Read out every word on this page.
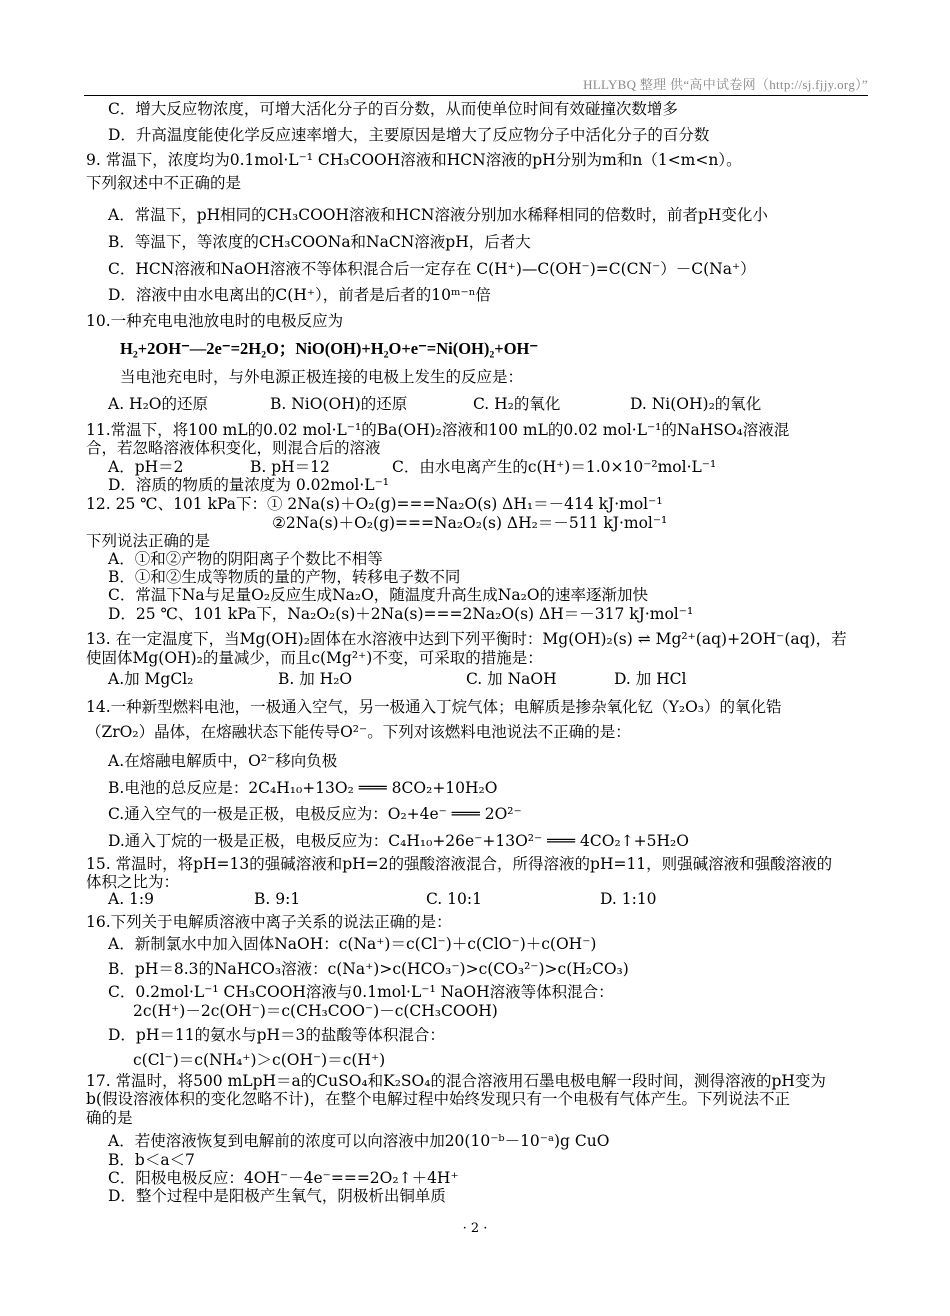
HLLYBQ 整理 供“高中试卷网（http://sj.fjjy.org）”
C．增大反应物浓度，可增大活化分子的百分数，从而使单位时间有效碰撞次数增多
D．升高温度能使化学反应速率增大，主要原因是增大了反应物分子中活化分子的百分数
9. 常温下，浓度均为0.1mol·L⁻¹ CH₃COOH溶液和HCN溶液的pH分别为m和n（1<m<n）。
下列叙述中不正确的是
A．常温下，pH相同的CH₃COOH溶液和HCN溶液分别加水稀释相同的倍数时，前者pH变化小
B．等温下，等浓度的CH₃COONa和NaCN溶液pH，后者大
C．HCN溶液和NaOH溶液不等体积混合后一定存在 C(H⁺)—C(OH⁻)=C(CN⁻）－C(Na⁺）
D．溶液中由水电离出的C(H⁺），前者是后者的10ᵐ⁻ⁿ倍
10.一种充电电池放电时的电极反应为
H₂+2OH⁻—2e⁻=2H₂O；NiO(OH)+H₂O+e⁻=Ni(OH)₂+OH⁻
当电池充电时，与外电源正极连接的电极上发生的反应是：
A. H₂O的还原	B. NiO(OH)的还原	C. H₂的氧化	D. Ni(OH)₂的氧化
11.常温下，将100 mL的0.02 mol·L⁻¹的Ba(OH)₂溶液和100 mL的0.02 mol·L⁻¹的NaHSO₄溶液混
合，若忽略溶液体积变化，则混合后的溶液
A．pH＝2	B. pH＝12	C．由水电离产生的c(H⁺)＝1.0×10⁻²mol·L⁻¹
D．溶质的物质的量浓度为 0.02mol·L⁻¹
12. 25 ℃、101 kPa下：① 2Na(s)＋O₂(g)===Na₂O(s) ΔH₁＝－414 kJ·mol⁻¹
②2Na(s)＋O₂(g)===Na₂O₂(s) ΔH₂＝－511 kJ·mol⁻¹
下列说法正确的是
A．①和②产物的阴阳离子个数比不相等
B．①和②生成等物质的量的产物，转移电子数不同
C．常温下Na与足量O₂反应生成Na₂O，随温度升高生成Na₂O的速率逐渐加快
D．25 ℃、101 kPa下，Na₂O₂(s)＋2Na(s)===2Na₂O(s) ΔH＝－317 kJ·mol⁻¹
13. 在一定温度下，当Mg(OH)₂固体在水溶液中达到下列平衡时：Mg(OH)₂(s) ⇌ Mg²⁺(aq)+2OH⁻(aq)，若
使固体Mg(OH)₂的量减少，而且c(Mg²⁺)不变，可采取的措施是：
A.加 MgCl₂	B. 加 H₂O	C. 加 NaOH	D. 加 HCl
14.一种新型燃料电池，一极通入空气，另一极通入丁烷气体；电解质是掺杂氧化钇（Y₂O₃）的氧化锆
（ZrO₂）晶体，在熔融状态下能传导O²⁻。下列对该燃料电池说法不正确的是：
A.在熔融电解质中，O²⁻移向负极
B.电池的总反应是：2C₄H₁₀+13O₂ ═══ 8CO₂+10H₂O
C.通入空气的一极是正极，电极反应为：O₂+4e⁻ ═══ 2O²⁻
D.通入丁烷的一极是正极，电极反应为：C₄H₁₀+26e⁻+13O²⁻ ═══ 4CO₂↑+5H₂O
15. 常温时，将pH=13的强碱溶液和pH=2的强酸溶液混合，所得溶液的pH=11，则强碱溶液和强酸溶液的
体积之比为：
A. 1:9	B. 9:1	C. 10:1	D. 1:10
16.下列关于电解质溶液中离子关系的说法正确的是：
A．新制氯水中加入固体NaOH：c(Na⁺)＝c(Cl⁻)＋c(ClO⁻)＋c(OH⁻)
B．pH＝8.3的NaHCO₃溶液：c(Na⁺)>c(HCO₃⁻)>c(CO₃²⁻)>c(H₂CO₃)
C．0.2mol·L⁻¹ CH₃COOH溶液与0.1mol·L⁻¹ NaOH溶液等体积混合：
2c(H⁺)－2c(OH⁻)＝c(CH₃COO⁻)－c(CH₃COOH)
D．pH＝11的氨水与pH＝3的盐酸等体积混合：
c(Cl⁻)＝c(NH₄⁺)＞c(OH⁻)＝c(H⁺)
17. 常温时，将500 mLpH＝a的CuSO₄和K₂SO₄的混合溶液用石墨电极电解一段时间，测得溶液的pH变为
b(假设溶液体积的变化忽略不计)，在整个电解过程中始终发现只有一个电极有气体产生。下列说法不正
确的是
A．若使溶液恢复到电解前的浓度可以向溶液中加20(10⁻ᵇ－10⁻ᵃ)g CuO
B．b＜a＜7
C．阳极电极反应：4OH⁻－4e⁻===2O₂↑＋4H⁺
D．整个过程中是阳极产生氧气，阴极析出铜单质
· 2 ·
